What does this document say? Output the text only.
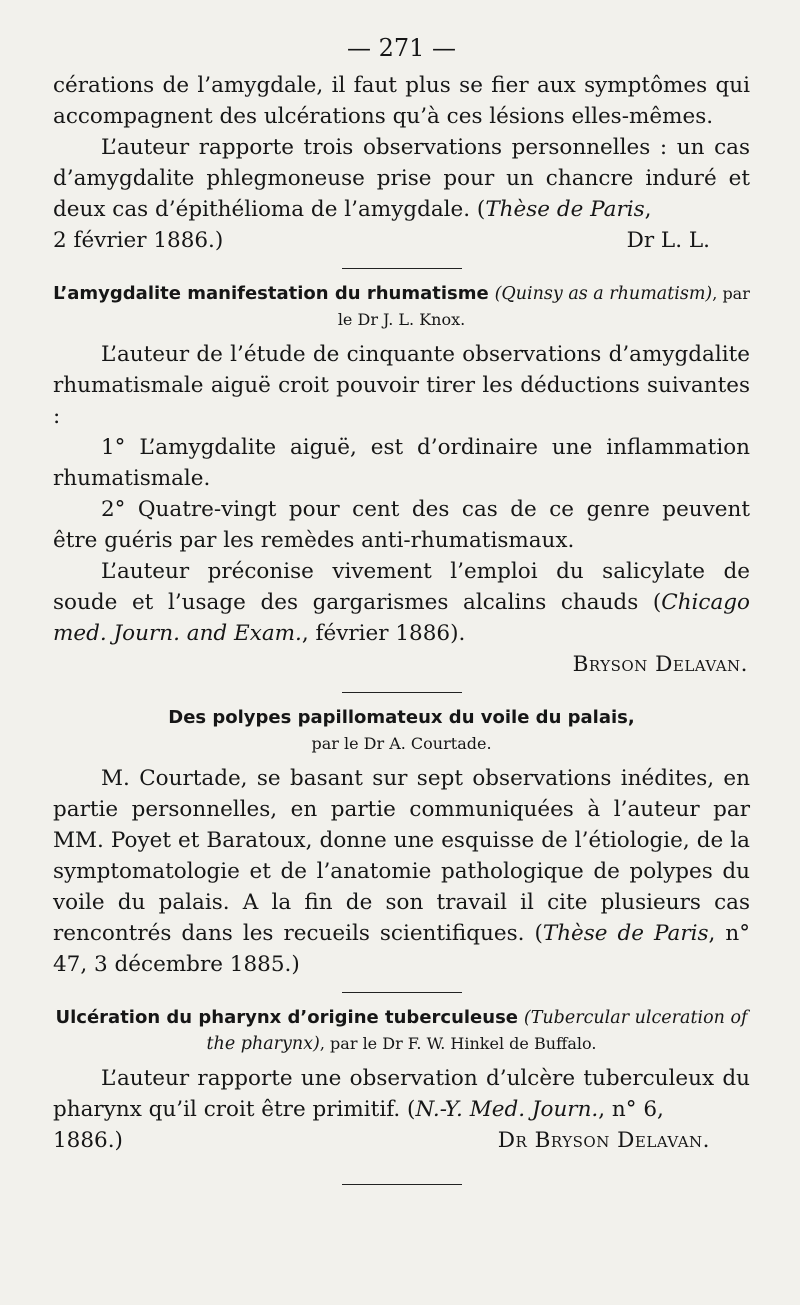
— 271 —

cérations de l’amygdale, il faut plus se fier aux symptômes qui accompagnent des ulcérations qu’à ces lésions elles-mêmes.

L’auteur rapporte trois observations personnelles : un cas d’amygdalite phlegmoneuse prise pour un chancre induré et deux cas d’épithélioma de l’amygdale. (Thèse de Paris,

2 février 1886.)	Dr L. L.
L’amygdalite manifestation du rhumatisme (Quinsy as a rhumatism), par le Dr J. L. Knox.

L’auteur de l’étude de cinquante observations d’amygdalite rhumatismale aiguë croit pouvoir tirer les déductions suivantes :

1° L’amygdalite aiguë, est d’ordinaire une inflammation rhumatismale.

2° Quatre-vingt pour cent des cas de ce genre peuvent être guéris par les remèdes anti-rhumatismaux.

L’auteur préconise vivement l’emploi du salicylate de soude et l’usage des gargarismes alcalins chauds (Chicago med. Journ. and Exam., février 1886).

Bryson Delavan.
Des polypes papillomateux du voile du palais,
par le Dr A. Courtade.

M. Courtade, se basant sur sept observations inédites, en partie personnelles, en partie communiquées à l’auteur par MM. Poyet et Baratoux, donne une esquisse de l’étiologie, de la symptomatologie et de l’anatomie pathologique de polypes du voile du palais. A la fin de son travail il cite plusieurs cas rencontrés dans les recueils scientifiques. (Thèse de Paris, n° 47, 3 décembre 1885.)

Ulcération du pharynx d’origine tuberculeuse (Tubercular ulceration of the pharynx), par le Dr F. W. Hinkel de Buffalo.

L’auteur rapporte une observation d’ulcère tuberculeux du pharynx qu’il croit être primitif. (N.-Y. Med. Journ., n° 6,

1886.)	Dr Bryson Delavan.
